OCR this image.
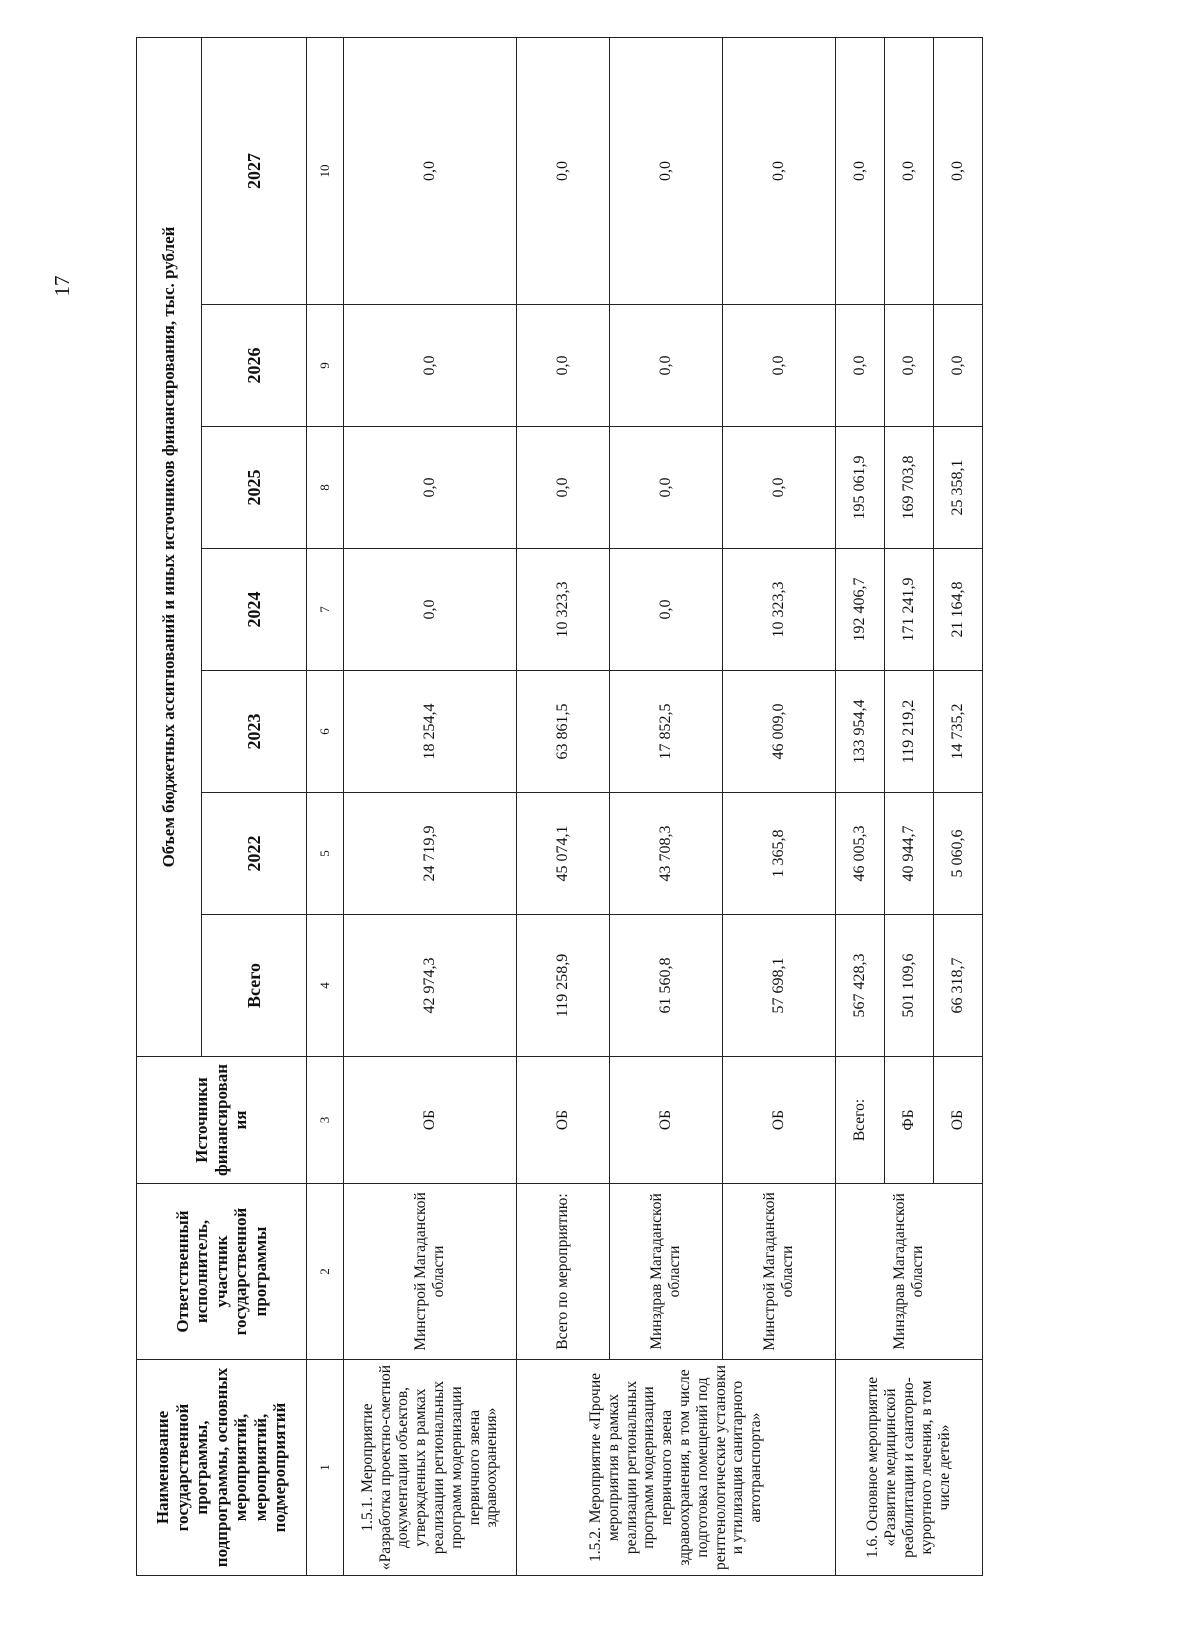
17
Наименование государственной программы, подпрограммы, основных мероприятий, мероприятий, подмероприятий	Ответственный исполнитель, участник государственной программы	Источники финансирования	Объем бюджетных ассигнований и иных источников финансирования, тыс. рублей						
			Всего	2022	2023	2024	2025	2026	2027
1	2	3	4	5	6	7	8	9	10
1.5.1. Мероприятие «Разработка проектно-сметной документации объектов, утвержденных в рамках реализации региональных программ модернизации первичного звена здравоохранения»	Минстрой Магаданской области	ОБ	42 974,3	24 719,9	18 254,4	0,0	0,0	0,0	0,0
1.5.2. Мероприятие «Прочие мероприятия в рамках реализации региональных программ модернизации первичного звена здравоохранения, в том числе подготовка помещений под рентгенологические установки и утилизация санитарного автотранспорта»	Всего по мероприятию:	ОБ	119 258,9	45 074,1	63 861,5	10 323,3	0,0	0,0	0,0
	Минздрав Магаданской области	ОБ	61 560,8	43 708,3	17 852,5	0,0	0,0	0,0	0,0
	Минстрой Магаданской области	ОБ	57 698,1	1 365,8	46 009,0	10 323,3	0,0	0,0	0,0
1.6. Основное мероприятие «Развитие медицинской реабилитации и санаторно-курортного лечения, в том числе детей»	Минздрав Магаданской области	Всего:	567 428,3	46 005,3	133 954,4	192 406,7	195 061,9	0,0	0,0
		ФБ	501 109,6	40 944,7	119 219,2	171 241,9	169 703,8	0,0	0,0
		ОБ	66 318,7	5 060,6	14 735,2	21 164,8	25 358,1	0,0	0,0
